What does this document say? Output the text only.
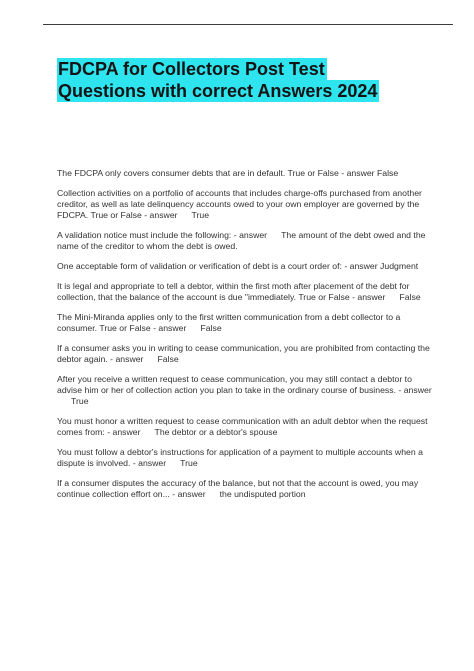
FDCPA for Collectors Post Test
Questions with correct Answers 2024

The FDCPA only covers consumer debts that are in default. True or False - answer False

Collection activities on a portfolio of accounts that includes charge-offs purchased from another creditor, as well as late delinquency accounts owed to your own employer are governed by the FDCPA. True or False - answer True

A validation notice must include the following: - answer The amount of the debt owed and the name of the creditor to whom the debt is owed.

One acceptable form of validation or verification of debt is a court order of: - answer Judgment

It is legal and appropriate to tell a debtor, within the first moth after placement of the debt for collection, that the balance of the account is due "immediately. True or False - answer False

The Mini-Miranda applies only to the first written communication from a debt collector to a consumer. True or False - answer False

If a consumer asks you in writing to cease communication, you are prohibited from contacting the debtor again. - answer False

After you receive a written request to cease communication, you may still contact a debtor to advise him or her of collection action you plan to take in the ordinary course of business. - answerTrue

You must honor a written request to cease communication with an adult debtor when the request comes from: - answer The debtor or a debtor's spouse

You must follow a debtor's instructions for application of a payment to multiple accounts when a dispute is involved. - answer True

If a consumer disputes the accuracy of the balance, but not that the account is owed, you may continue collection effort on... - answer the undisputed portion
